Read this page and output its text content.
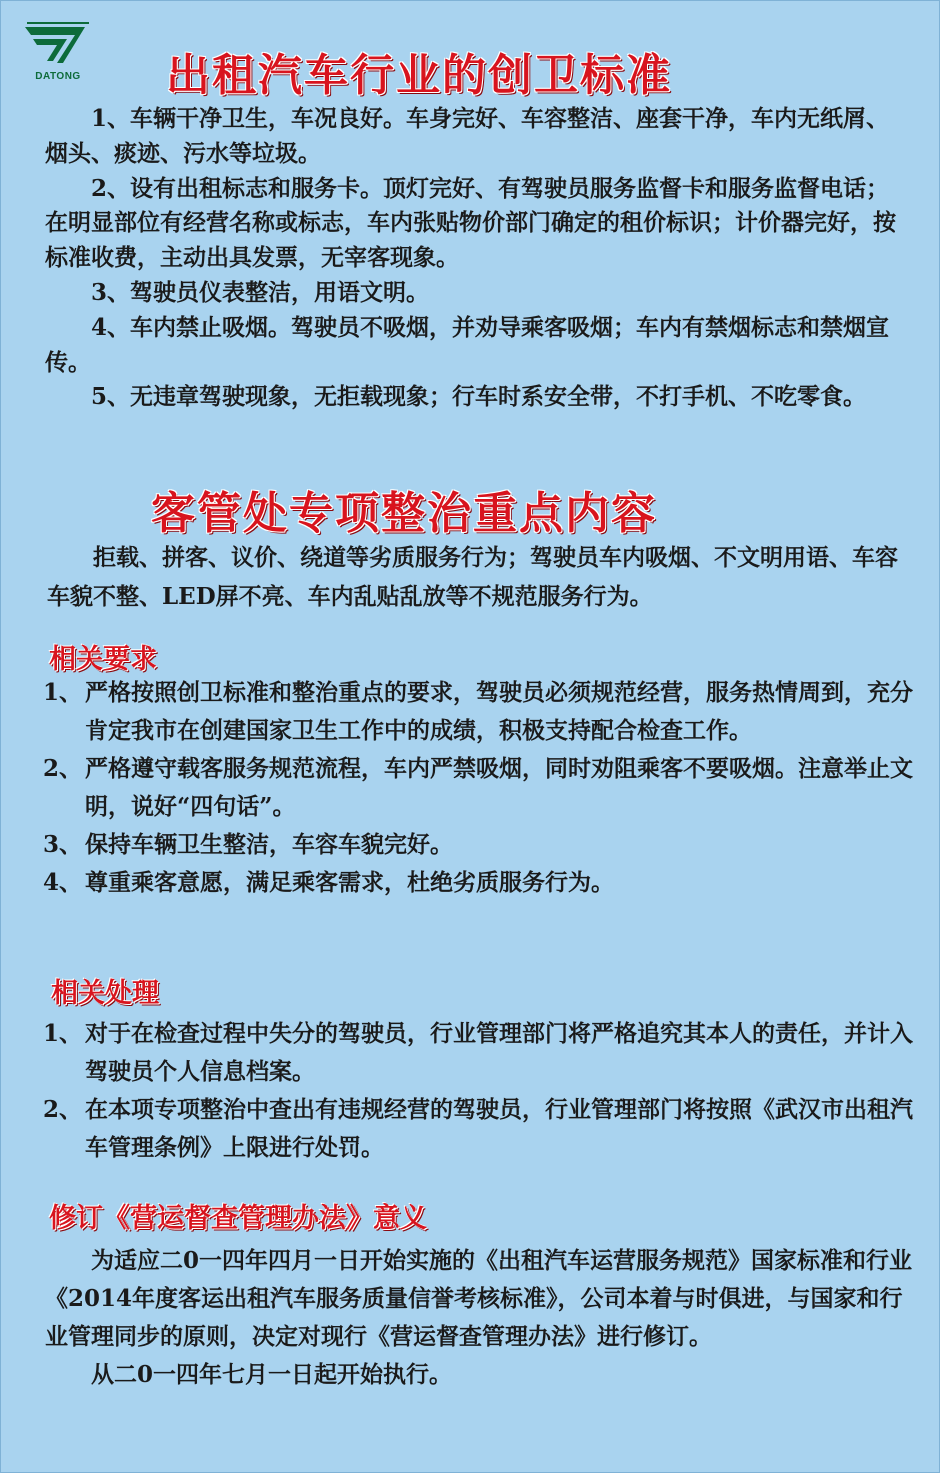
DATONG 出租汽车行业的创卫标准

1、车辆干净卫生，车况良好。车身完好、车容整洁、座套干净，车内无纸屑、烟头、痰迹、污水等垃圾。

2、设有出租标志和服务卡。顶灯完好、有驾驶员服务监督卡和服务监督电话；在明显部位有经营名称或标志，车内张贴物价部门确定的租价标识；计价器完好，按标准收费，主动出具发票，无宰客现象。

3、驾驶员仪表整洁，用语文明。

4、车内禁止吸烟。驾驶员不吸烟，并劝导乘客吸烟；车内有禁烟标志和禁烟宣传。

5、无违章驾驶现象，无拒载现象；行车时系安全带，不打手机、不吃零食。

客管处专项整治重点内容

拒载、拼客、议价、绕道等劣质服务行为；驾驶员车内吸烟、不文明用语、车容车貌不整、LED屏不亮、车内乱贴乱放等不规范服务行为。

相关要求

1、 严格按照创卫标准和整治重点的要求，驾驶员必须规范经营，服务热情周到，充分肯定我市在创建国家卫生工作中的成绩，积极支持配合检查工作。

2、 严格遵守载客服务规范流程，车内严禁吸烟，同时劝阻乘客不要吸烟。注意举止文明，说好“四句话”。

3、 保持车辆卫生整洁，车容车貌完好。

4、 尊重乘客意愿，满足乘客需求，杜绝劣质服务行为。

相关处理

1、 对于在检查过程中失分的驾驶员，行业管理部门将严格追究其本人的责任，并计入驾驶员个人信息档案。

2、 在本项专项整治中查出有违规经营的驾驶员，行业管理部门将按照《武汉市出租汽车管理条例》上限进行处罚。

修订《营运督查管理办法》意义

为适应二0一四年四月一日开始实施的《出租汽车运营服务规范》国家标准和行业《2014年度客运出租汽车服务质量信誉考核标准》，公司本着与时俱进，与国家和行业管理同步的原则，决定对现行《营运督查管理办法》进行修订。

从二0一四年七月一日起开始执行。
